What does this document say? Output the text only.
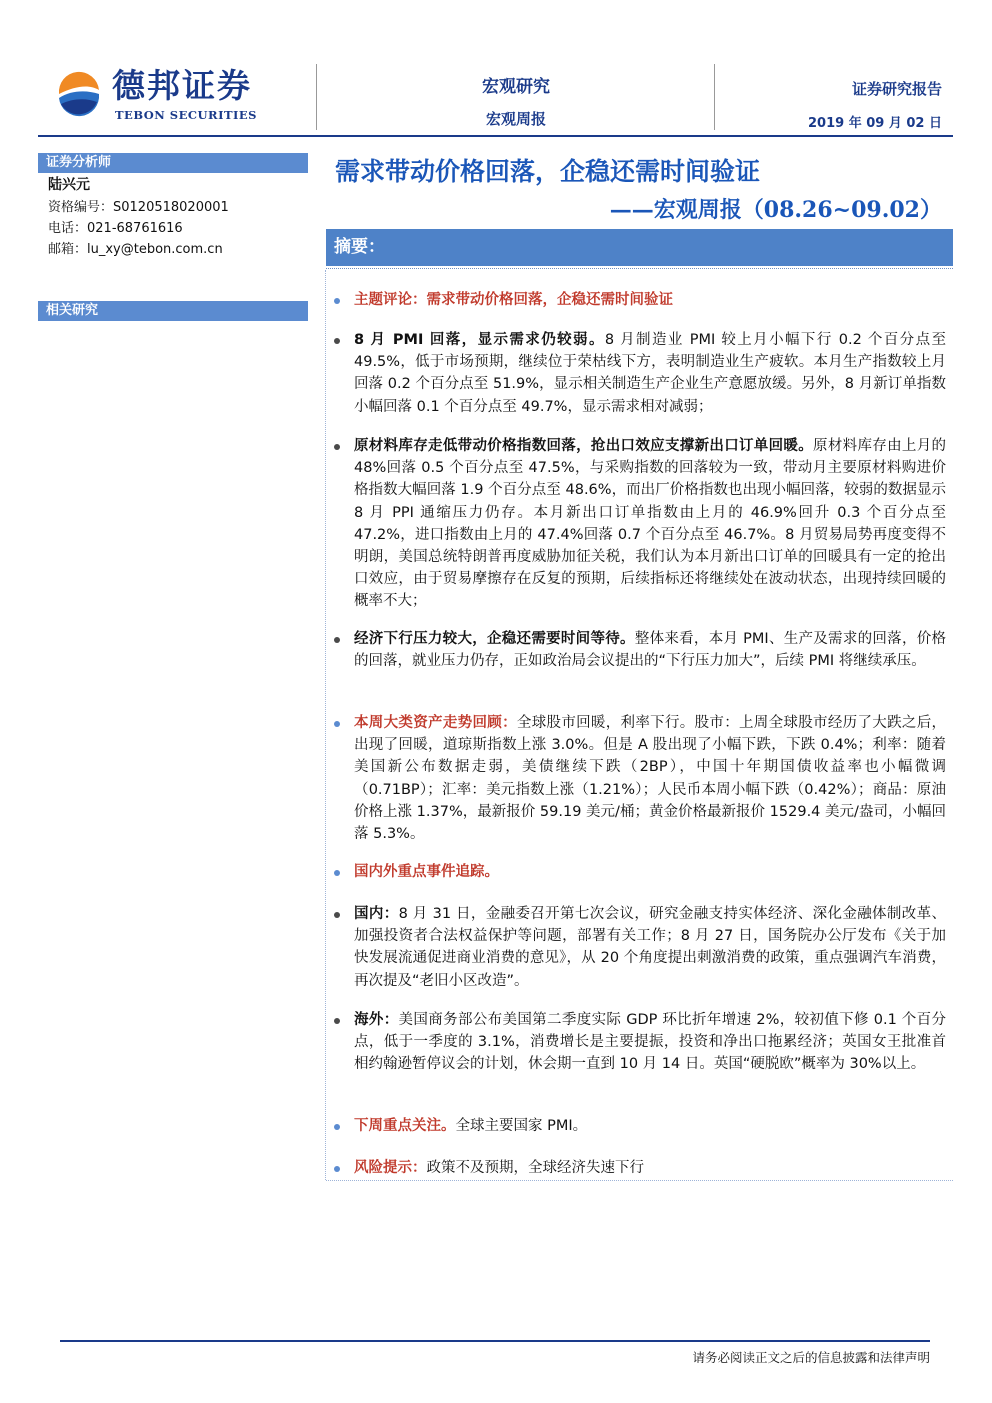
德邦证券
TEBON SECURITIES
宏观研究
宏观周报
证券研究报告
2019 年 09 月 02 日
证券分析师
陆兴元
资格编号：S0120518020001
电话：021-68761616
邮箱：lu_xy@tebon.com.cn
相关研究
需求带动价格回落，企稳还需时间验证
——宏观周报（08.26~09.02）
摘要：
主题评论：需求带动价格回落，企稳还需时间验证
8 月 PMI 回落，显示需求仍较弱。8 月制造业 PMI 较上月小幅下行 0.2 个百分点至 49.5%，低于市场预期，继续位于荣枯线下方，表明制造业生产疲软。本月生产指数较上月回落 0.2 个百分点至 51.9%，显示相关制造生产企业生产意愿放缓。另外，8 月新订单指数小幅回落 0.1 个百分点至 49.7%，显示需求相对减弱；
原材料库存走低带动价格指数回落，抢出口效应支撑新出口订单回暖。原材料库存由上月的 48%回落 0.5 个百分点至 47.5%，与采购指数的回落较为一致，带动月主要原材料购进价格指数大幅回落 1.9 个百分点至 48.6%，而出厂价格指数也出现小幅回落，较弱的数据显示 8 月 PPI 通缩压力仍存。本月新出口订单指数由上月的 46.9%回升 0.3 个百分点至 47.2%，进口指数由上月的 47.4%回落 0.7 个百分点至 46.7%。8 月贸易局势再度变得不明朗，美国总统特朗普再度威胁加征关税，我们认为本月新出口订单的回暖具有一定的抢出口效应，由于贸易摩擦存在反复的预期，后续指标还将继续处在波动状态，出现持续回暖的概率不大；
经济下行压力较大，企稳还需要时间等待。整体来看，本月 PMI、生产及需求的回落，价格的回落，就业压力仍存，正如政治局会议提出的“下行压力加大”，后续 PMI 将继续承压。
本周大类资产走势回顾：全球股市回暖，利率下行。股市：上周全球股市经历了大跌之后，出现了回暖，道琼斯指数上涨 3.0%。但是 A 股出现了小幅下跌，下跌 0.4%；利率：随着美国新公布数据走弱，美债继续下跌（2BP），中国十年期国债收益率也小幅微调（0.71BP）；汇率：美元指数上涨（1.21%）；人民币本周小幅下跌（0.42%）；商品：原油价格上涨 1.37%，最新报价 59.19 美元/桶；黄金价格最新报价 1529.4 美元/盎司，小幅回落 5.3%。
国内外重点事件追踪。
国内：8 月 31 日，金融委召开第七次会议，研究金融支持实体经济、深化金融体制改革、加强投资者合法权益保护等问题，部署有关工作；8 月 27 日，国务院办公厅发布《关于加快发展流通促进商业消费的意见》，从 20 个角度提出刺激消费的政策，重点强调汽车消费，再次提及“老旧小区改造”。
海外：美国商务部公布美国第二季度实际 GDP 环比折年增速 2%，较初值下修 0.1 个百分点，低于一季度的 3.1%，消费增长是主要提振，投资和净出口拖累经济；英国女王批准首相约翰逊暂停议会的计划，休会期一直到 10 月 14 日。英国“硬脱欧”概率为 30%以上。
下周重点关注。全球主要国家 PMI。
风险提示：政策不及预期，全球经济失速下行
请务必阅读正文之后的信息披露和法律声明
